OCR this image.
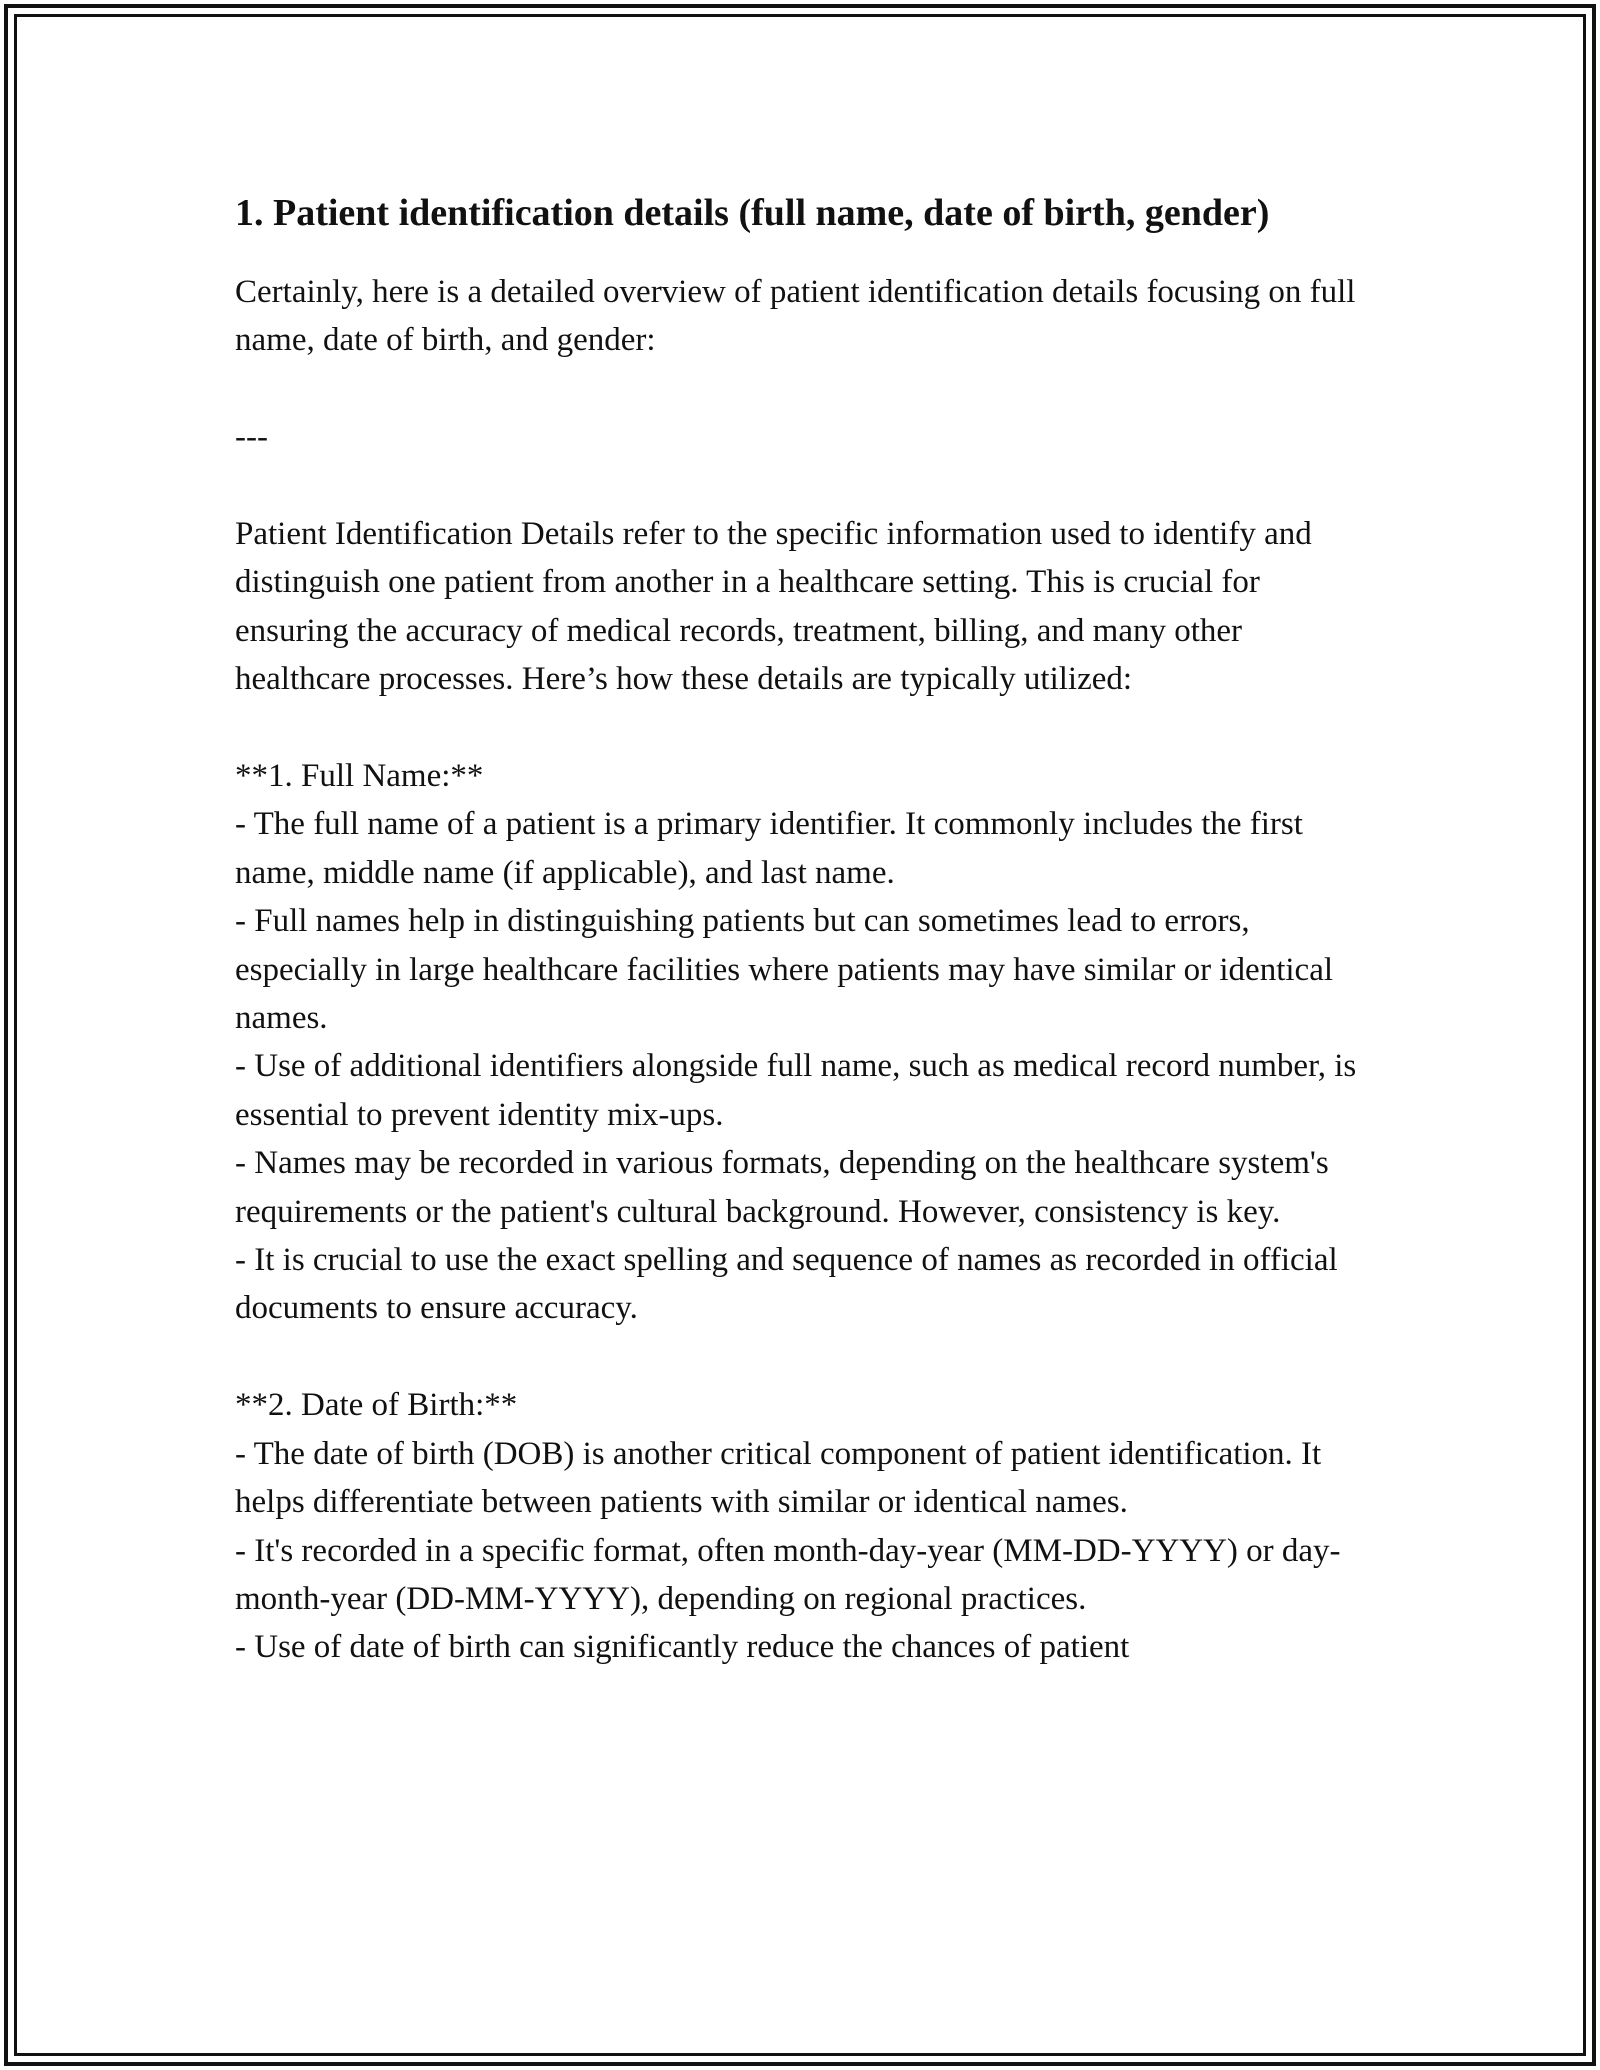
1. Patient identification details (full name, date of birth, gender)

Certainly, here is a detailed overview of patient identification details focusing on full name, date of birth, and gender:

---

Patient Identification Details refer to the specific information used to identify and distinguish one patient from another in a healthcare setting. This is crucial for ensuring the accuracy of medical records, treatment, billing, and many other healthcare processes. Here’s how these details are typically utilized:

**1. Full Name:**

- The full name of a patient is a primary identifier. It commonly includes the first name, middle name (if applicable), and last name.

- Full names help in distinguishing patients but can sometimes lead to errors, especially in large healthcare facilities where patients may have similar or identical names.

- Use of additional identifiers alongside full name, such as medical record number, is essential to prevent identity mix-ups.

- Names may be recorded in various formats, depending on the healthcare system's requirements or the patient's cultural background. However, consistency is key.

- It is crucial to use the exact spelling and sequence of names as recorded in official documents to ensure accuracy.

**2. Date of Birth:**

- The date of birth (DOB) is another critical component of patient identification. It helps differentiate between patients with similar or identical names.

- It's recorded in a specific format, often month-day-year (MM-DD-YYYY) or day-month-year (DD-MM-YYYY), depending on regional practices.

- Use of date of birth can significantly reduce the chances of patient
